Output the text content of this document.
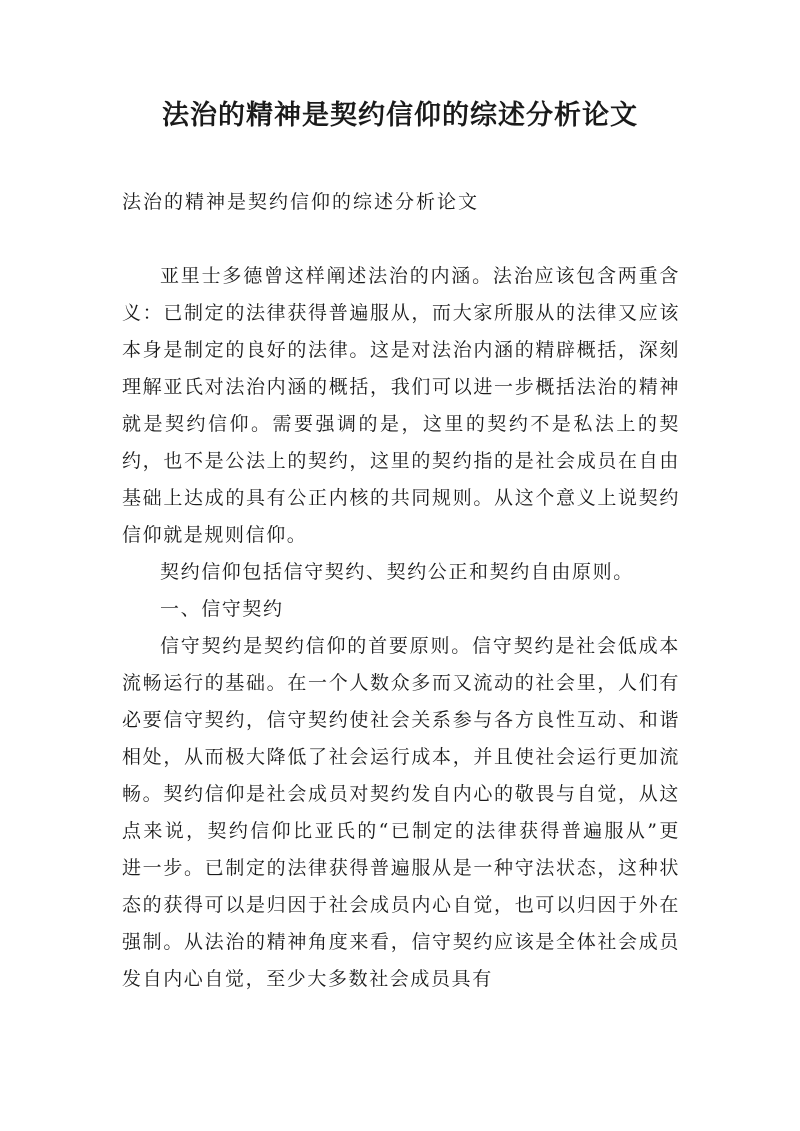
法治的精神是契约信仰的综述分析论文
法治的精神是契约信仰的综述分析论文

亚里士多德曾这样阐述法治的内涵。法治应该包含两重含义：已制定的法律获得普遍服从，而大家所服从的法律又应该本身是制定的良好的法律。这是对法治内涵的精辟概括，深刻理解亚氏对法治内涵的概括，我们可以进一步概括法治的精神就是契约信仰。需要强调的是，这里的契约不是私法上的契约，也不是公法上的契约，这里的契约指的是社会成员在自由基础上达成的具有公正内核的共同规则。从这个意义上说契约信仰就是规则信仰。

契约信仰包括信守契约、契约公正和契约自由原则。

一、信守契约

信守契约是契约信仰的首要原则。信守契约是社会低成本流畅运行的基础。在一个人数众多而又流动的社会里，人们有必要信守契约，信守契约使社会关系参与各方良性互动、和谐相处，从而极大降低了社会运行成本，并且使社会运行更加流畅。契约信仰是社会成员对契约发自内心的敬畏与自觉，从这点来说，契约信仰比亚氏的“已制定的法律获得普遍服从”更进一步。已制定的法律获得普遍服从是一种守法状态，这种状态的获得可以是归因于社会成员内心自觉，也可以归因于外在强制。从法治的精神角度来看，信守契约应该是全体社会成员发自内心自觉，至少大多数社会成员具有
